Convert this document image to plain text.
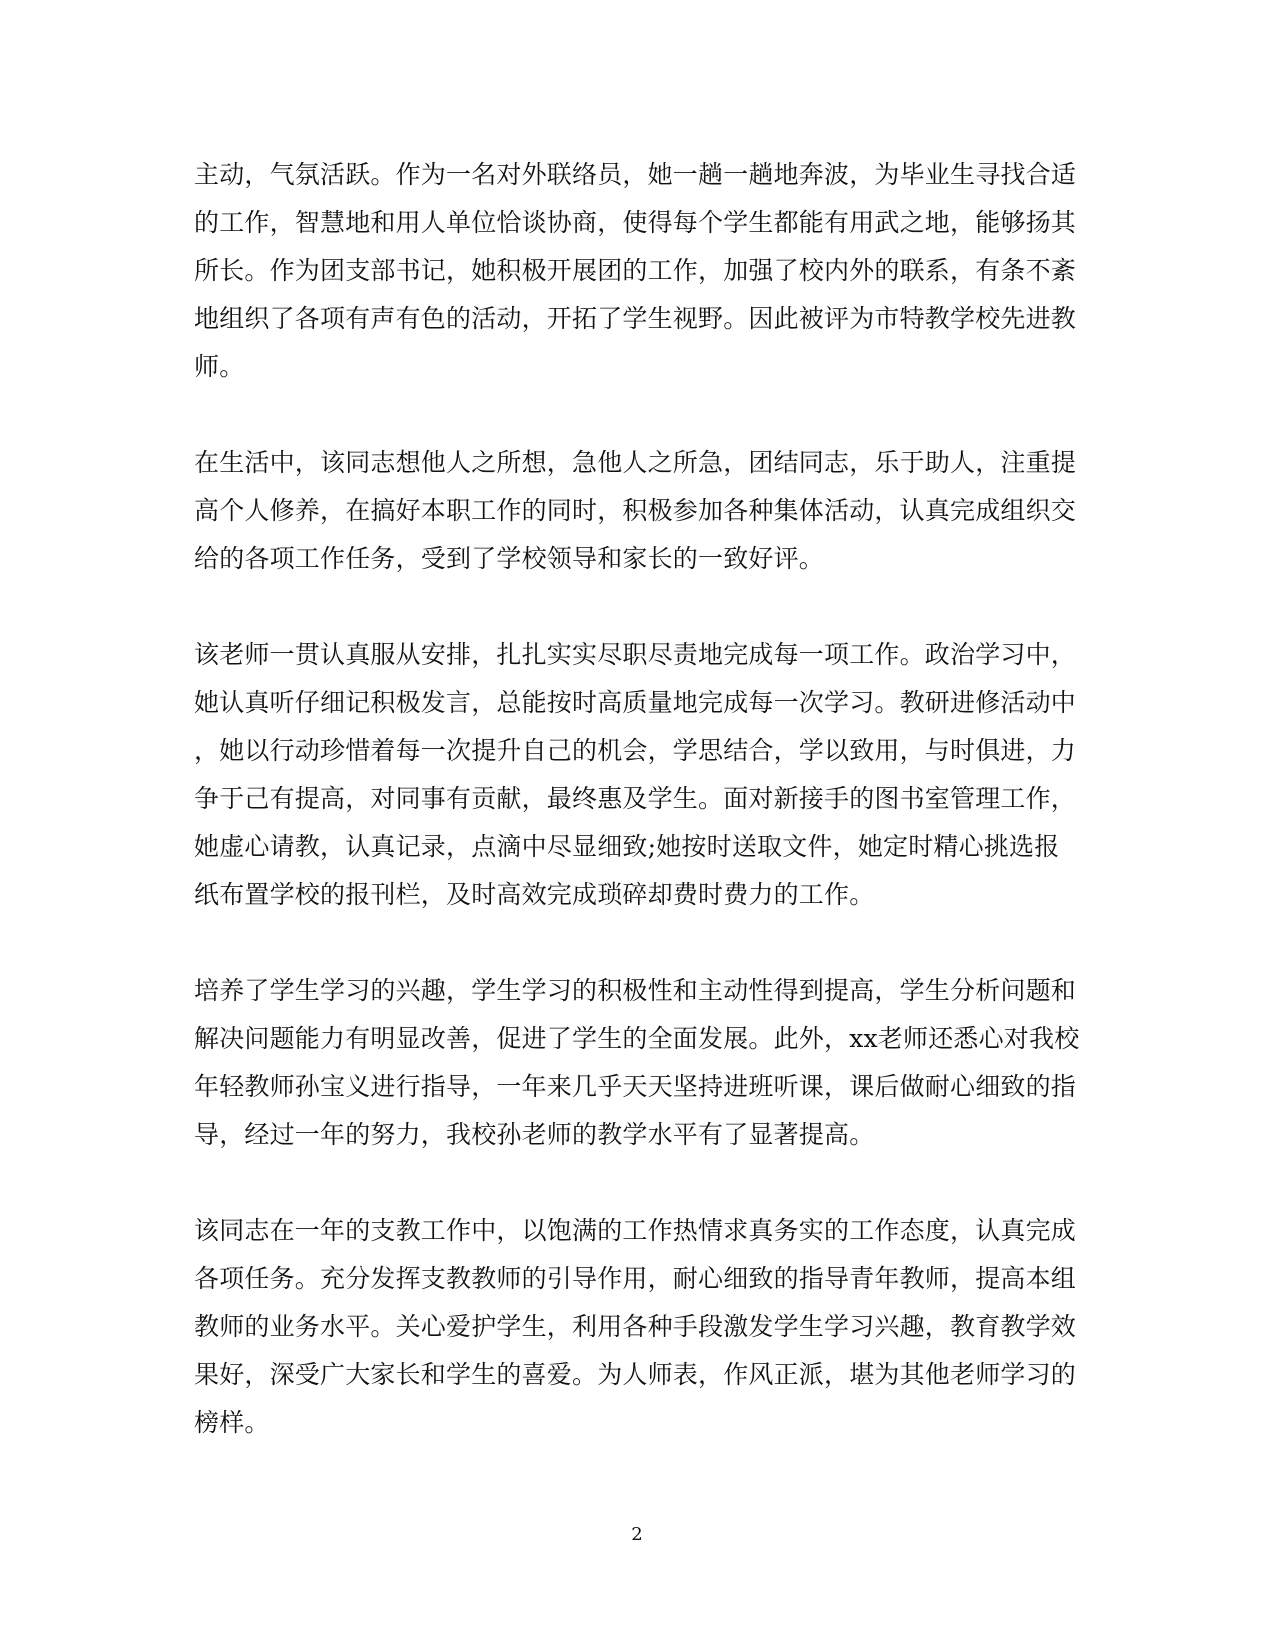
主动，气氛活跃。作为一名对外联络员，她一趟一趟地奔波，为毕业生寻找合适
的工作，智慧地和用人单位恰谈协商，使得每个学生都能有用武之地，能够扬其
所长。作为团支部书记，她积极开展团的工作，加强了校内外的联系，有条不紊
地组织了各项有声有色的活动，开拓了学生视野。因此被评为市特教学校先进教
师。

在生活中，该同志想他人之所想，急他人之所急，团结同志，乐于助人，注重提
高个人修养，在搞好本职工作的同时，积极参加各种集体活动，认真完成组织交
给的各项工作任务，受到了学校领导和家长的一致好评。

该老师一贯认真服从安排，扎扎实实尽职尽责地完成每一项工作。政治学习中，
她认真听仔细记积极发言，总能按时高质量地完成每一次学习。教研进修活动中
，她以行动珍惜着每一次提升自己的机会，学思结合，学以致用，与时俱进，力
争于己有提高，对同事有贡献，最终惠及学生。面对新接手的图书室管理工作，
她虚心请教，认真记录，点滴中尽显细致;她按时送取文件，她定时精心挑选报
纸布置学校的报刊栏，及时高效完成琐碎却费时费力的工作。

培养了学生学习的兴趣，学生学习的积极性和主动性得到提高，学生分析问题和
解决问题能力有明显改善，促进了学生的全面发展。此外，xx老师还悉心对我校
年轻教师孙宝义进行指导，一年来几乎天天坚持进班听课，课后做耐心细致的指
导，经过一年的努力，我校孙老师的教学水平有了显著提高。

该同志在一年的支教工作中，以饱满的工作热情求真务实的工作态度，认真完成
各项任务。充分发挥支教教师的引导作用，耐心细致的指导青年教师，提高本组
教师的业务水平。关心爱护学生，利用各种手段激发学生学习兴趣，教育教学效
果好，深受广大家长和学生的喜爱。为人师表，作风正派，堪为其他老师学习的
榜样。

2
